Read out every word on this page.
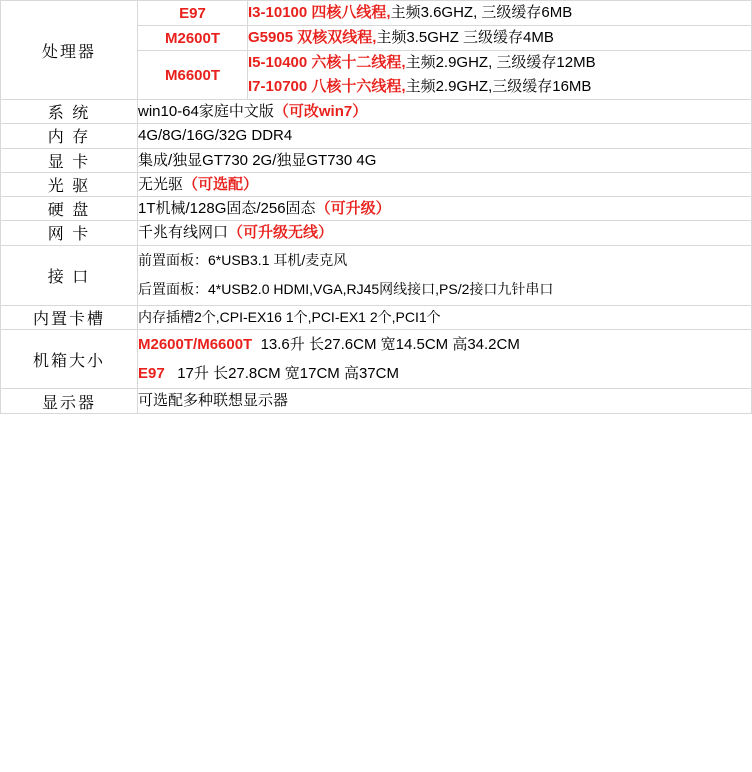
处理器	E97	I3-10100 四核八线程,主频3.6GHZ, 三级缓存6MB

	M2600T	G5905 双核双线程,主频3.5GHZ 三级缓存4MB

	M6600T	I5-10400 六核十二线程,主频2.9GHZ, 三级缓存12MB
I7-10700 八核十六线程,主频2.9GHZ,三级缓存16MB

系 统	win10-64家庭中文版（可改win7）	
内 存	4G/8G/16G/32G DDR4	
显 卡	集成/独显GT730 2G/独显GT730 4G	
光 驱	无光驱（可选配）	
硬 盘	1T机械/128G固态/256固态（可升级）	
网 卡	千兆有线网口（可升级无线）	
接 口	前置面板：6*USB3.1 耳机/麦克风
后置面板：4*USB2.0 HDMI,VGA,RJ45网线接口,PS/2接口九针串口	

内置卡槽	内存插槽2个,CPI-EX16 1个,PCI-EX1 2个,PCI1个	
机箱大小	M2600T/M6600T 13.6升 长27.6CM 宽14.5CM 高34.2CM
E97 17升 长27.8CM 宽17CM 高37CM	

显示器	可选配多种联想显示器	
